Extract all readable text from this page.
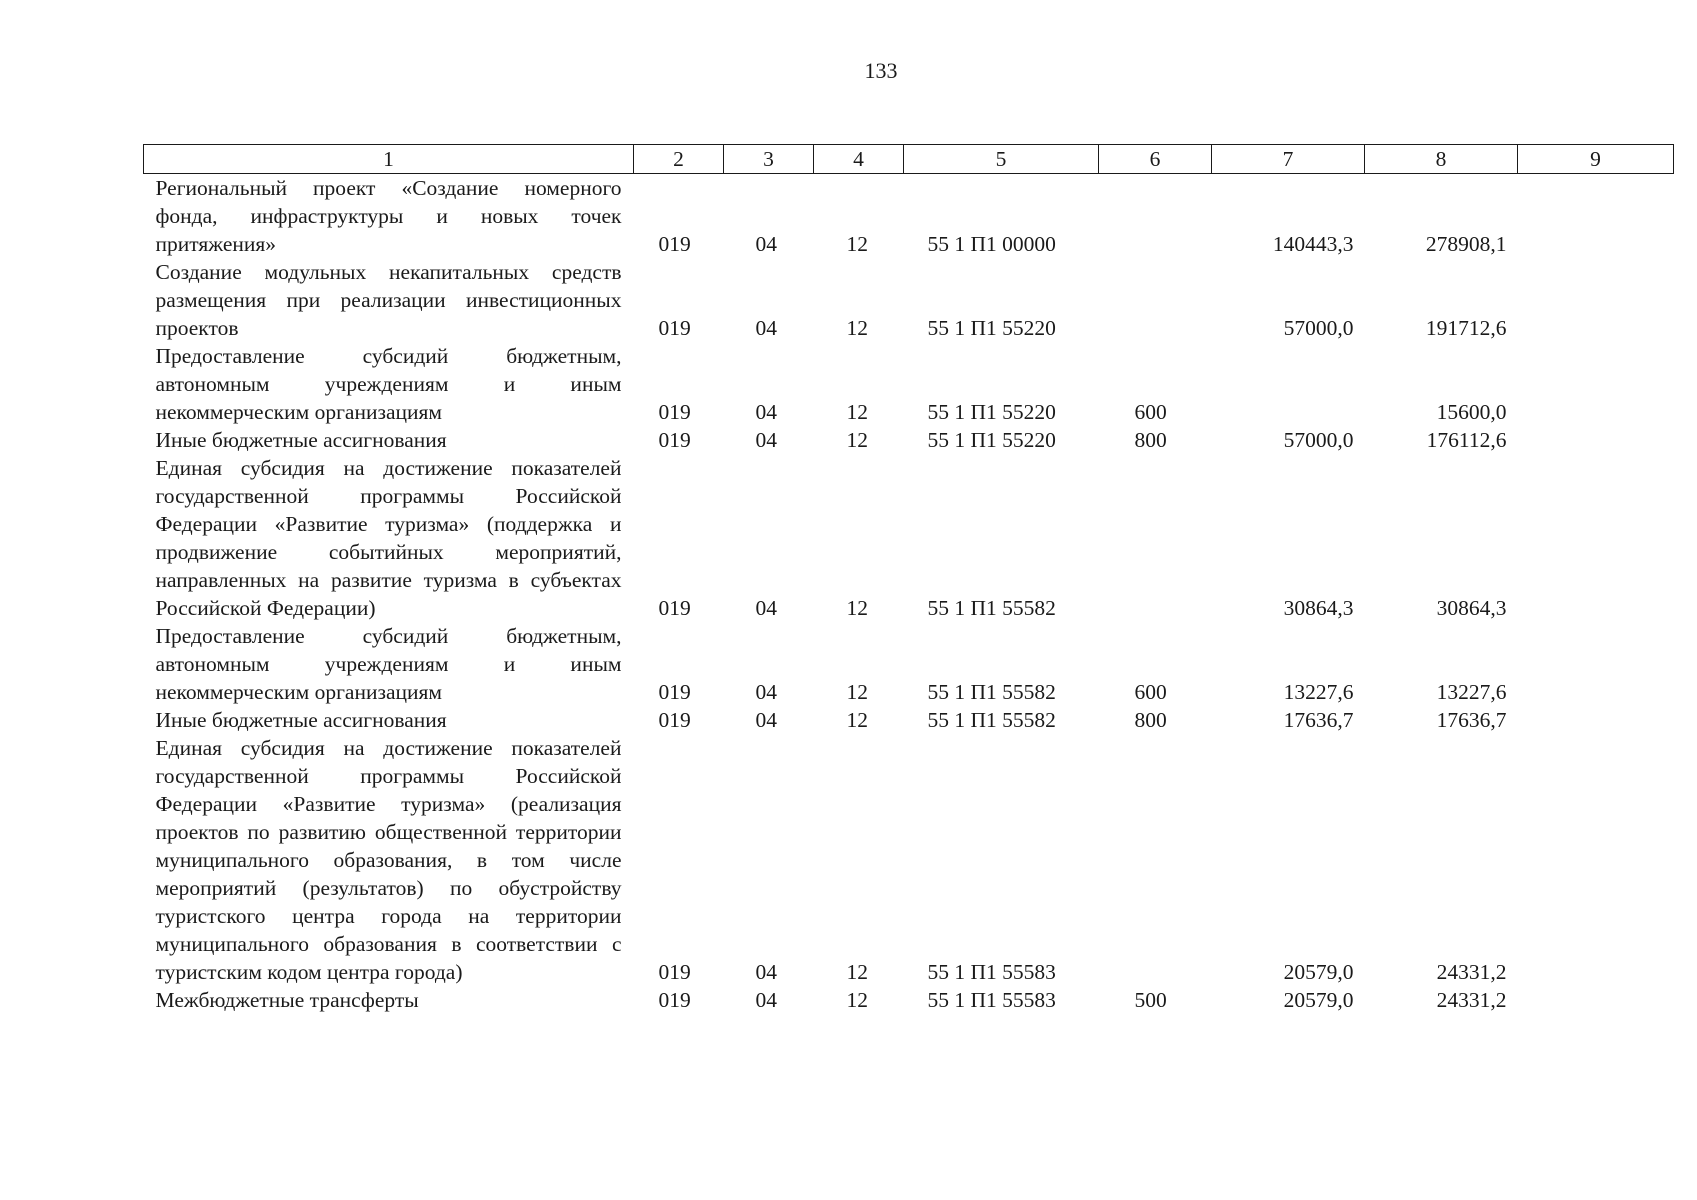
133
1	2	3	4	5	6	7	8	9
Региональный проект «Создание номерного фонда, инфраструктуры и новых точек притяжения»	019	04	12	55 1 П1 00000		140443,3	278908,1	
Создание модульных некапитальных средств размещения при реализации инвестиционных проектов	019	04	12	55 1 П1 55220		57000,0	191712,6	
Предоставление субсидий бюджетным, автономным учреждениям и иным некоммерческим организациям	019	04	12	55 1 П1 55220	600		15600,0	
Иные бюджетные ассигнования	019	04	12	55 1 П1 55220	800	57000,0	176112,6	
Единая субсидия на достижение показателей государственной программы Российской Федерации «Развитие туризма» (поддержка и продвижение событийных мероприятий, направленных на развитие туризма в субъектах Российской Федерации)	019	04	12	55 1 П1 55582		30864,3	30864,3	
Предоставление субсидий бюджетным, автономным учреждениям и иным некоммерческим организациям	019	04	12	55 1 П1 55582	600	13227,6	13227,6	
Иные бюджетные ассигнования	019	04	12	55 1 П1 55582	800	17636,7	17636,7	
Единая субсидия на достижение показателей государственной программы Российской Федерации «Развитие туризма» (реализация проектов по развитию общественной территории муниципального образования, в том числе мероприятий (результатов) по обустройству туристского центра города на территории муниципального образования в соответствии с туристским кодом центра города)	019	04	12	55 1 П1 55583		20579,0	24331,2	
Межбюджетные трансферты	019	04	12	55 1 П1 55583	500	20579,0	24331,2	
